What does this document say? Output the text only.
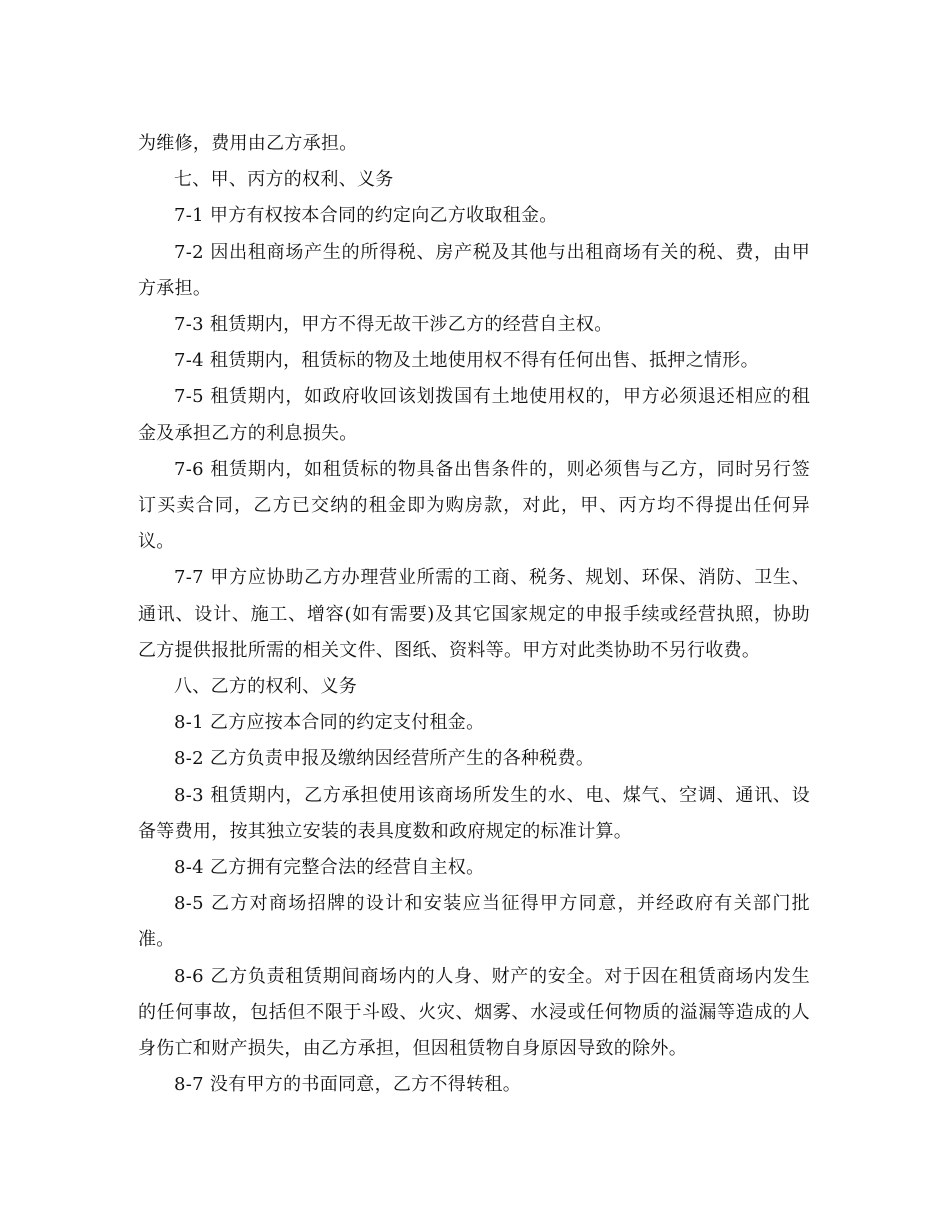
为维修，费用由乙方承担。

七、甲、丙方的权利、义务

7-1 甲方有权按本合同的约定向乙方收取租金。

7-2 因出租商场产生的所得税、房产税及其他与出租商场有关的税、费，由甲方承担。

7-3 租赁期内，甲方不得无故干涉乙方的经营自主权。

7-4 租赁期内，租赁标的物及土地使用权不得有任何出售、抵押之情形。

7-5 租赁期内，如政府收回该划拨国有土地使用权的，甲方必须退还相应的租金及承担乙方的利息损失。

7-6 租赁期内，如租赁标的物具备出售条件的，则必须售与乙方，同时另行签订买卖合同，乙方已交纳的租金即为购房款，对此，甲、丙方均不得提出任何异议。

7-7 甲方应协助乙方办理营业所需的工商、税务、规划、环保、消防、卫生、通讯、设计、施工、增容(如有需要)及其它国家规定的申报手续或经营执照，协助乙方提供报批所需的相关文件、图纸、资料等。甲方对此类协助不另行收费。

八、乙方的权利、义务

8-1 乙方应按本合同的约定支付租金。

8-2 乙方负责申报及缴纳因经营所产生的各种税费。

8-3 租赁期内，乙方承担使用该商场所发生的水、电、煤气、空调、通讯、设备等费用，按其独立安装的表具度数和政府规定的标准计算。

8-4 乙方拥有完整合法的经营自主权。

8-5 乙方对商场招牌的设计和安装应当征得甲方同意，并经政府有关部门批准。

8-6 乙方负责租赁期间商场内的人身、财产的安全。对于因在租赁商场内发生的任何事故，包括但不限于斗殴、火灾、烟雾、水浸或任何物质的溢漏等造成的人身伤亡和财产损失，由乙方承担，但因租赁物自身原因导致的除外。

8-7 没有甲方的书面同意，乙方不得转租。
